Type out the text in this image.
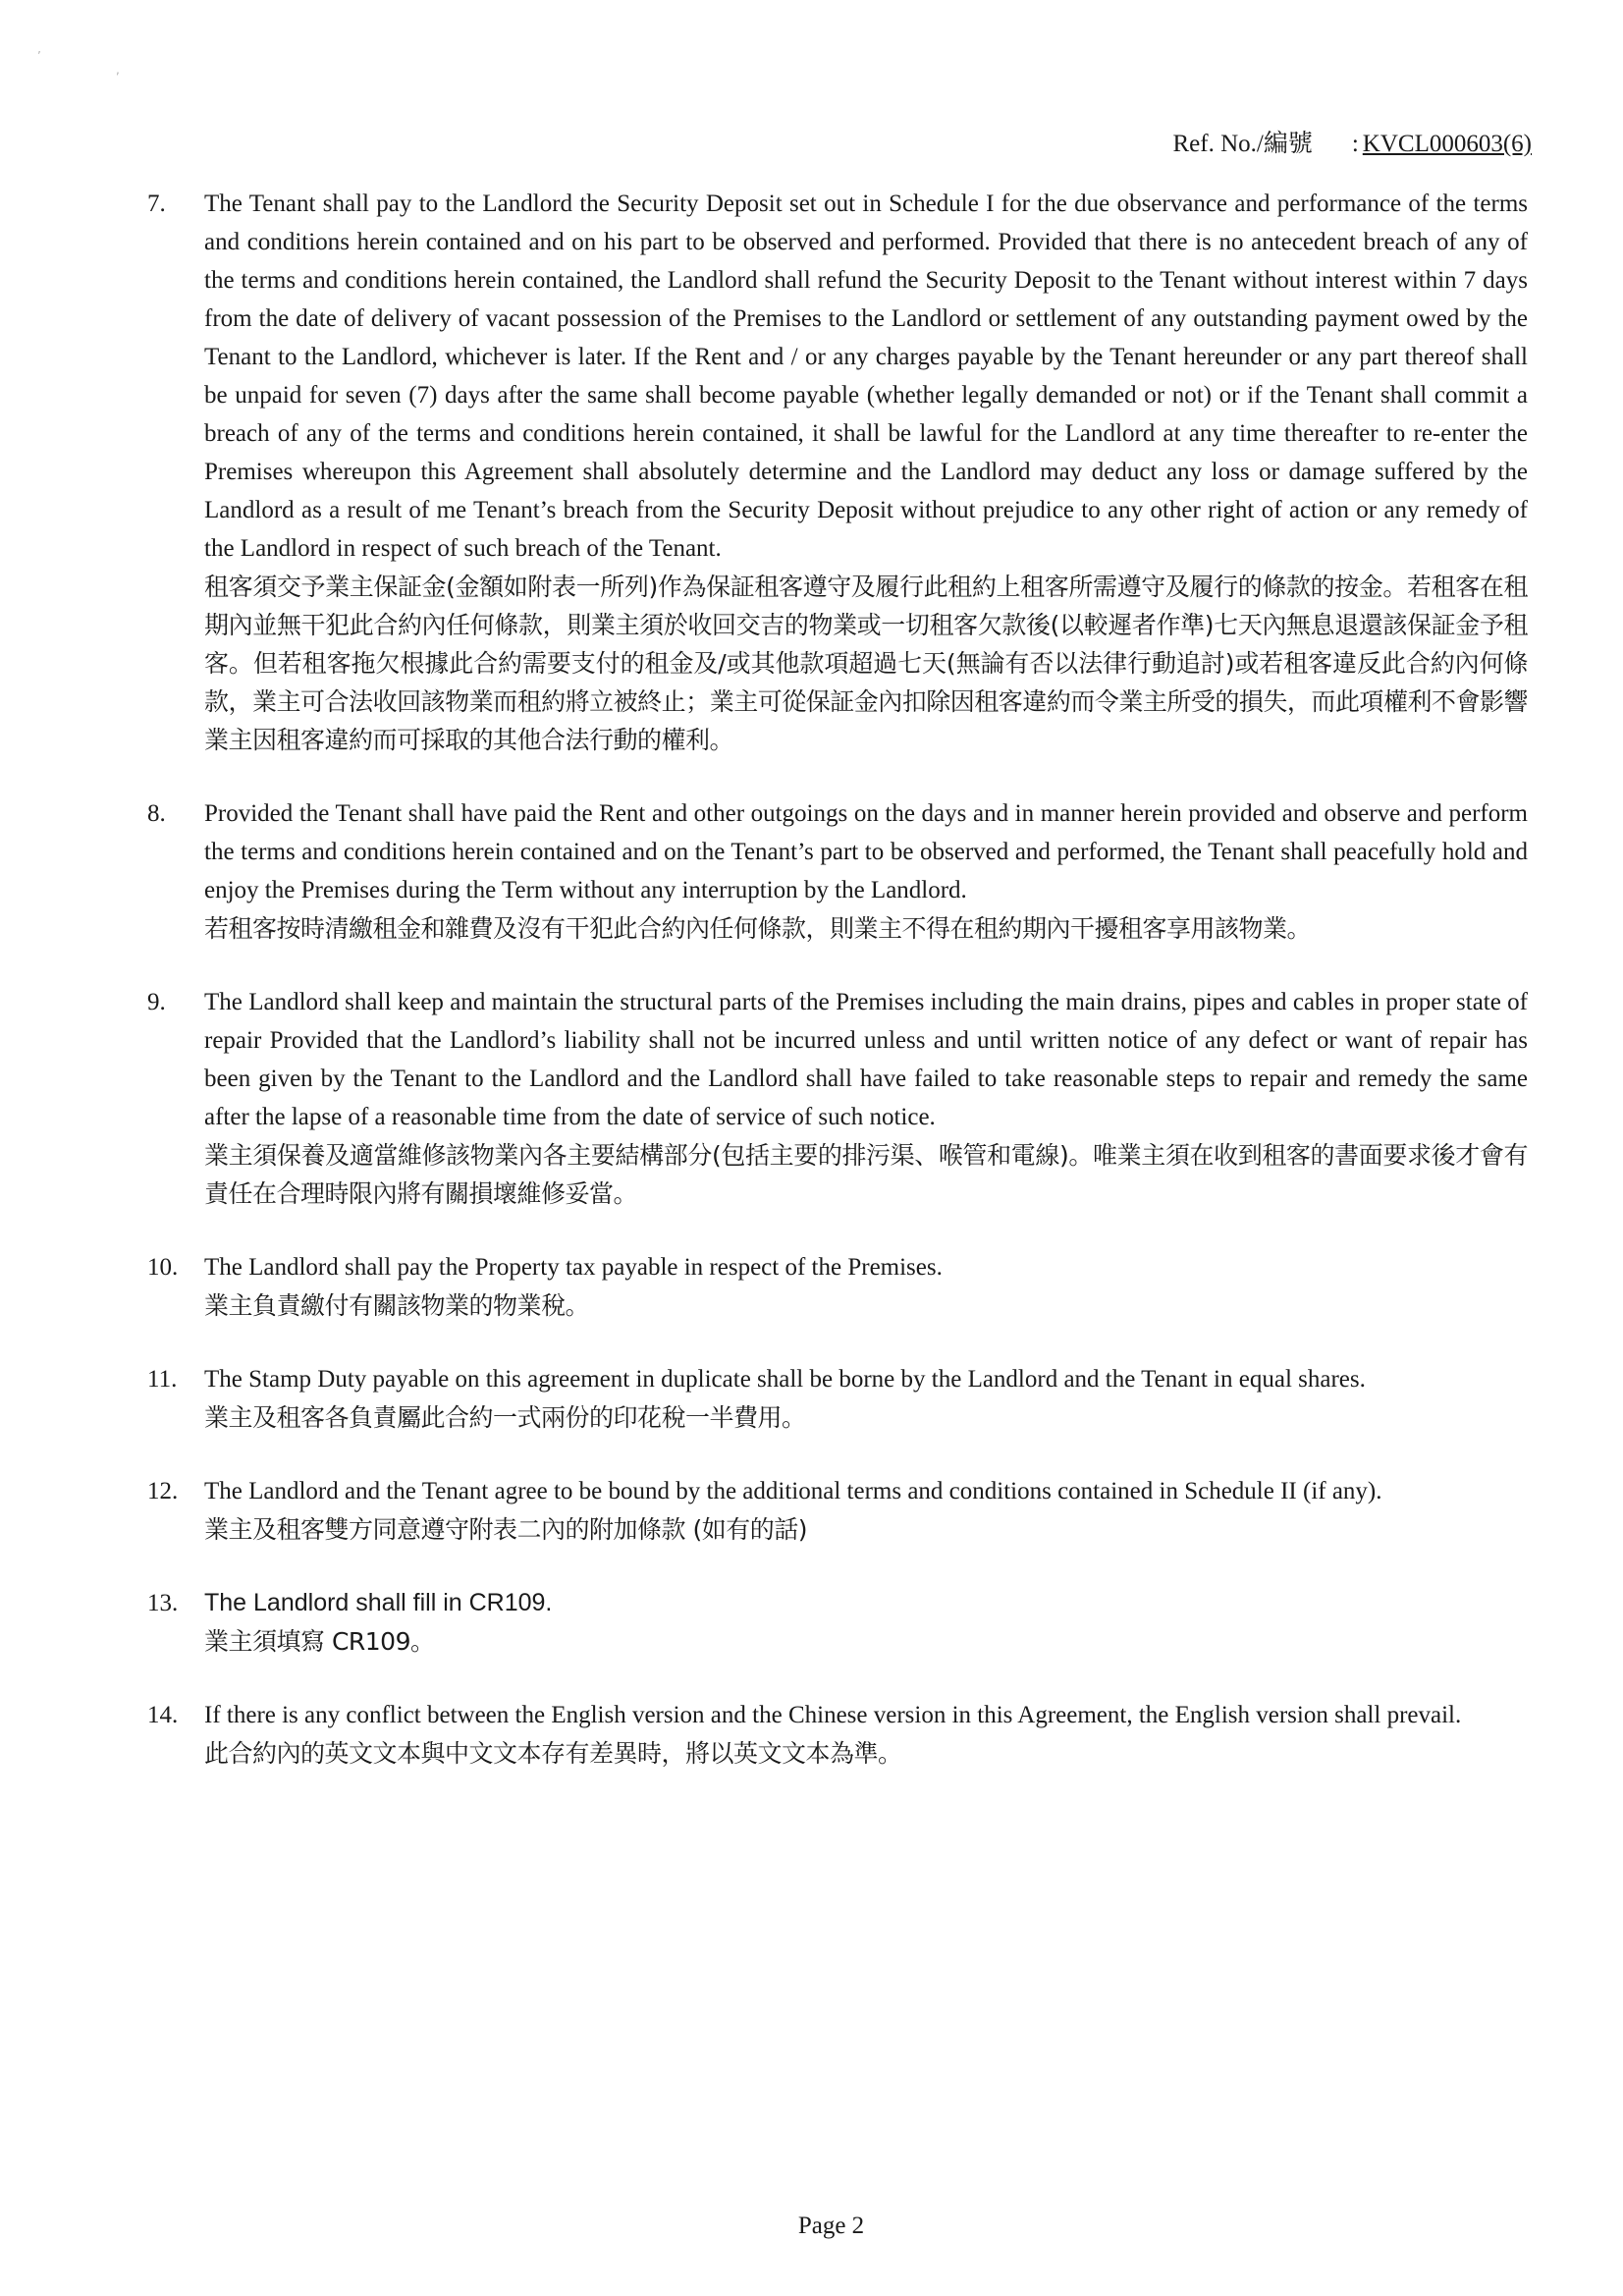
’
,
Ref. No./編號 : KVCL000603(6)
7.	The Tenant shall pay to the Landlord the Security Deposit set out in Schedule I for the due observance and performance of the terms and conditions herein contained and on his part to be observed and performed. Provided that there is no antecedent breach of any of the terms and conditions herein contained, the Landlord shall refund the Security Deposit to the Tenant without interest within 7 days from the date of delivery of vacant possession of the Premises to the Landlord or settlement of any outstanding payment owed by the Tenant to the Landlord, whichever is later. If the Rent and / or any charges payable by the Tenant hereunder or any part thereof shall be unpaid for seven (7) days after the same shall become payable (whether legally demanded or not) or if the Tenant shall commit a breach of any of the terms and conditions herein contained, it shall be lawful for the Landlord at any time thereafter to re-enter the Premises whereupon this Agreement shall absolutely determine and the Landlord may deduct any loss or damage suffered by the Landlord as a result of me Tenant’s breach from the Security Deposit without prejudice to any other right of action or any remedy of the Landlord in respect of such breach of the Tenant.

租客須交予業主保証金(金額如附表一所列)作為保証租客遵守及履行此租約上租客所需遵守及履行的條款的按金。若租客在租期內並無干犯此合約內任何條款，則業主須於收回交吉的物業或一切租客欠款後(以較遲者作準)七天內無息退還該保証金予租客。但若租客拖欠根據此合約需要支付的租金及/或其他款項超過七天(無論有否以法律行動追討)或若租客違反此合約內何條款，業主可合法收回該物業而租約將立被終止；業主可從保証金內扣除因租客違約而令業主所受的損失，而此項權利不會影響業主因租客違約而可採取的其他合法行動的權利。

8.	Provided the Tenant shall have paid the Rent and other outgoings on the days and in manner herein provided and observe and perform the terms and conditions herein contained and on the Tenant’s part to be observed and performed, the Tenant shall peacefully hold and enjoy the Premises during the Term without any interruption by the Landlord.

若租客按時清繳租金和雜費及沒有干犯此合約內任何條款，則業主不得在租約期內干擾租客享用該物業。

9.	The Landlord shall keep and maintain the structural parts of the Premises including the main drains, pipes and cables in proper state of repair Provided that the Landlord’s liability shall not be incurred unless and until written notice of any defect or want of repair has been given by the Tenant to the Landlord and the Landlord shall have failed to take reasonable steps to repair and remedy the same after the lapse of a reasonable time from the date of service of such notice.

業主須保養及適當維修該物業內各主要結構部分(包括主要的排污渠、喉管和電線)。唯業主須在收到租客的書面要求後才會有責任在合理時限內將有關損壞維修妥當。

10.	The Landlord shall pay the Property tax payable in respect of the Premises.

業主負責繳付有關該物業的物業稅。

11.	The Stamp Duty payable on this agreement in duplicate shall be borne by the Landlord and the Tenant in equal shares.

業主及租客各負責屬此合約一式兩份的印花稅一半費用。

12.	The Landlord and the Tenant agree to be bound by the additional terms and conditions contained in Schedule II (if any).

業主及租客雙方同意遵守附表二內的附加條款 (如有的話)

13.	The Landlord shall fill in CR109.

業主須填寫 CR109。

14.	If there is any conflict between the English version and the Chinese version in this Agreement, the English version shall prevail.

此合約內的英文文本與中文文本存有差異時，將以英文文本為準。

Page 2
